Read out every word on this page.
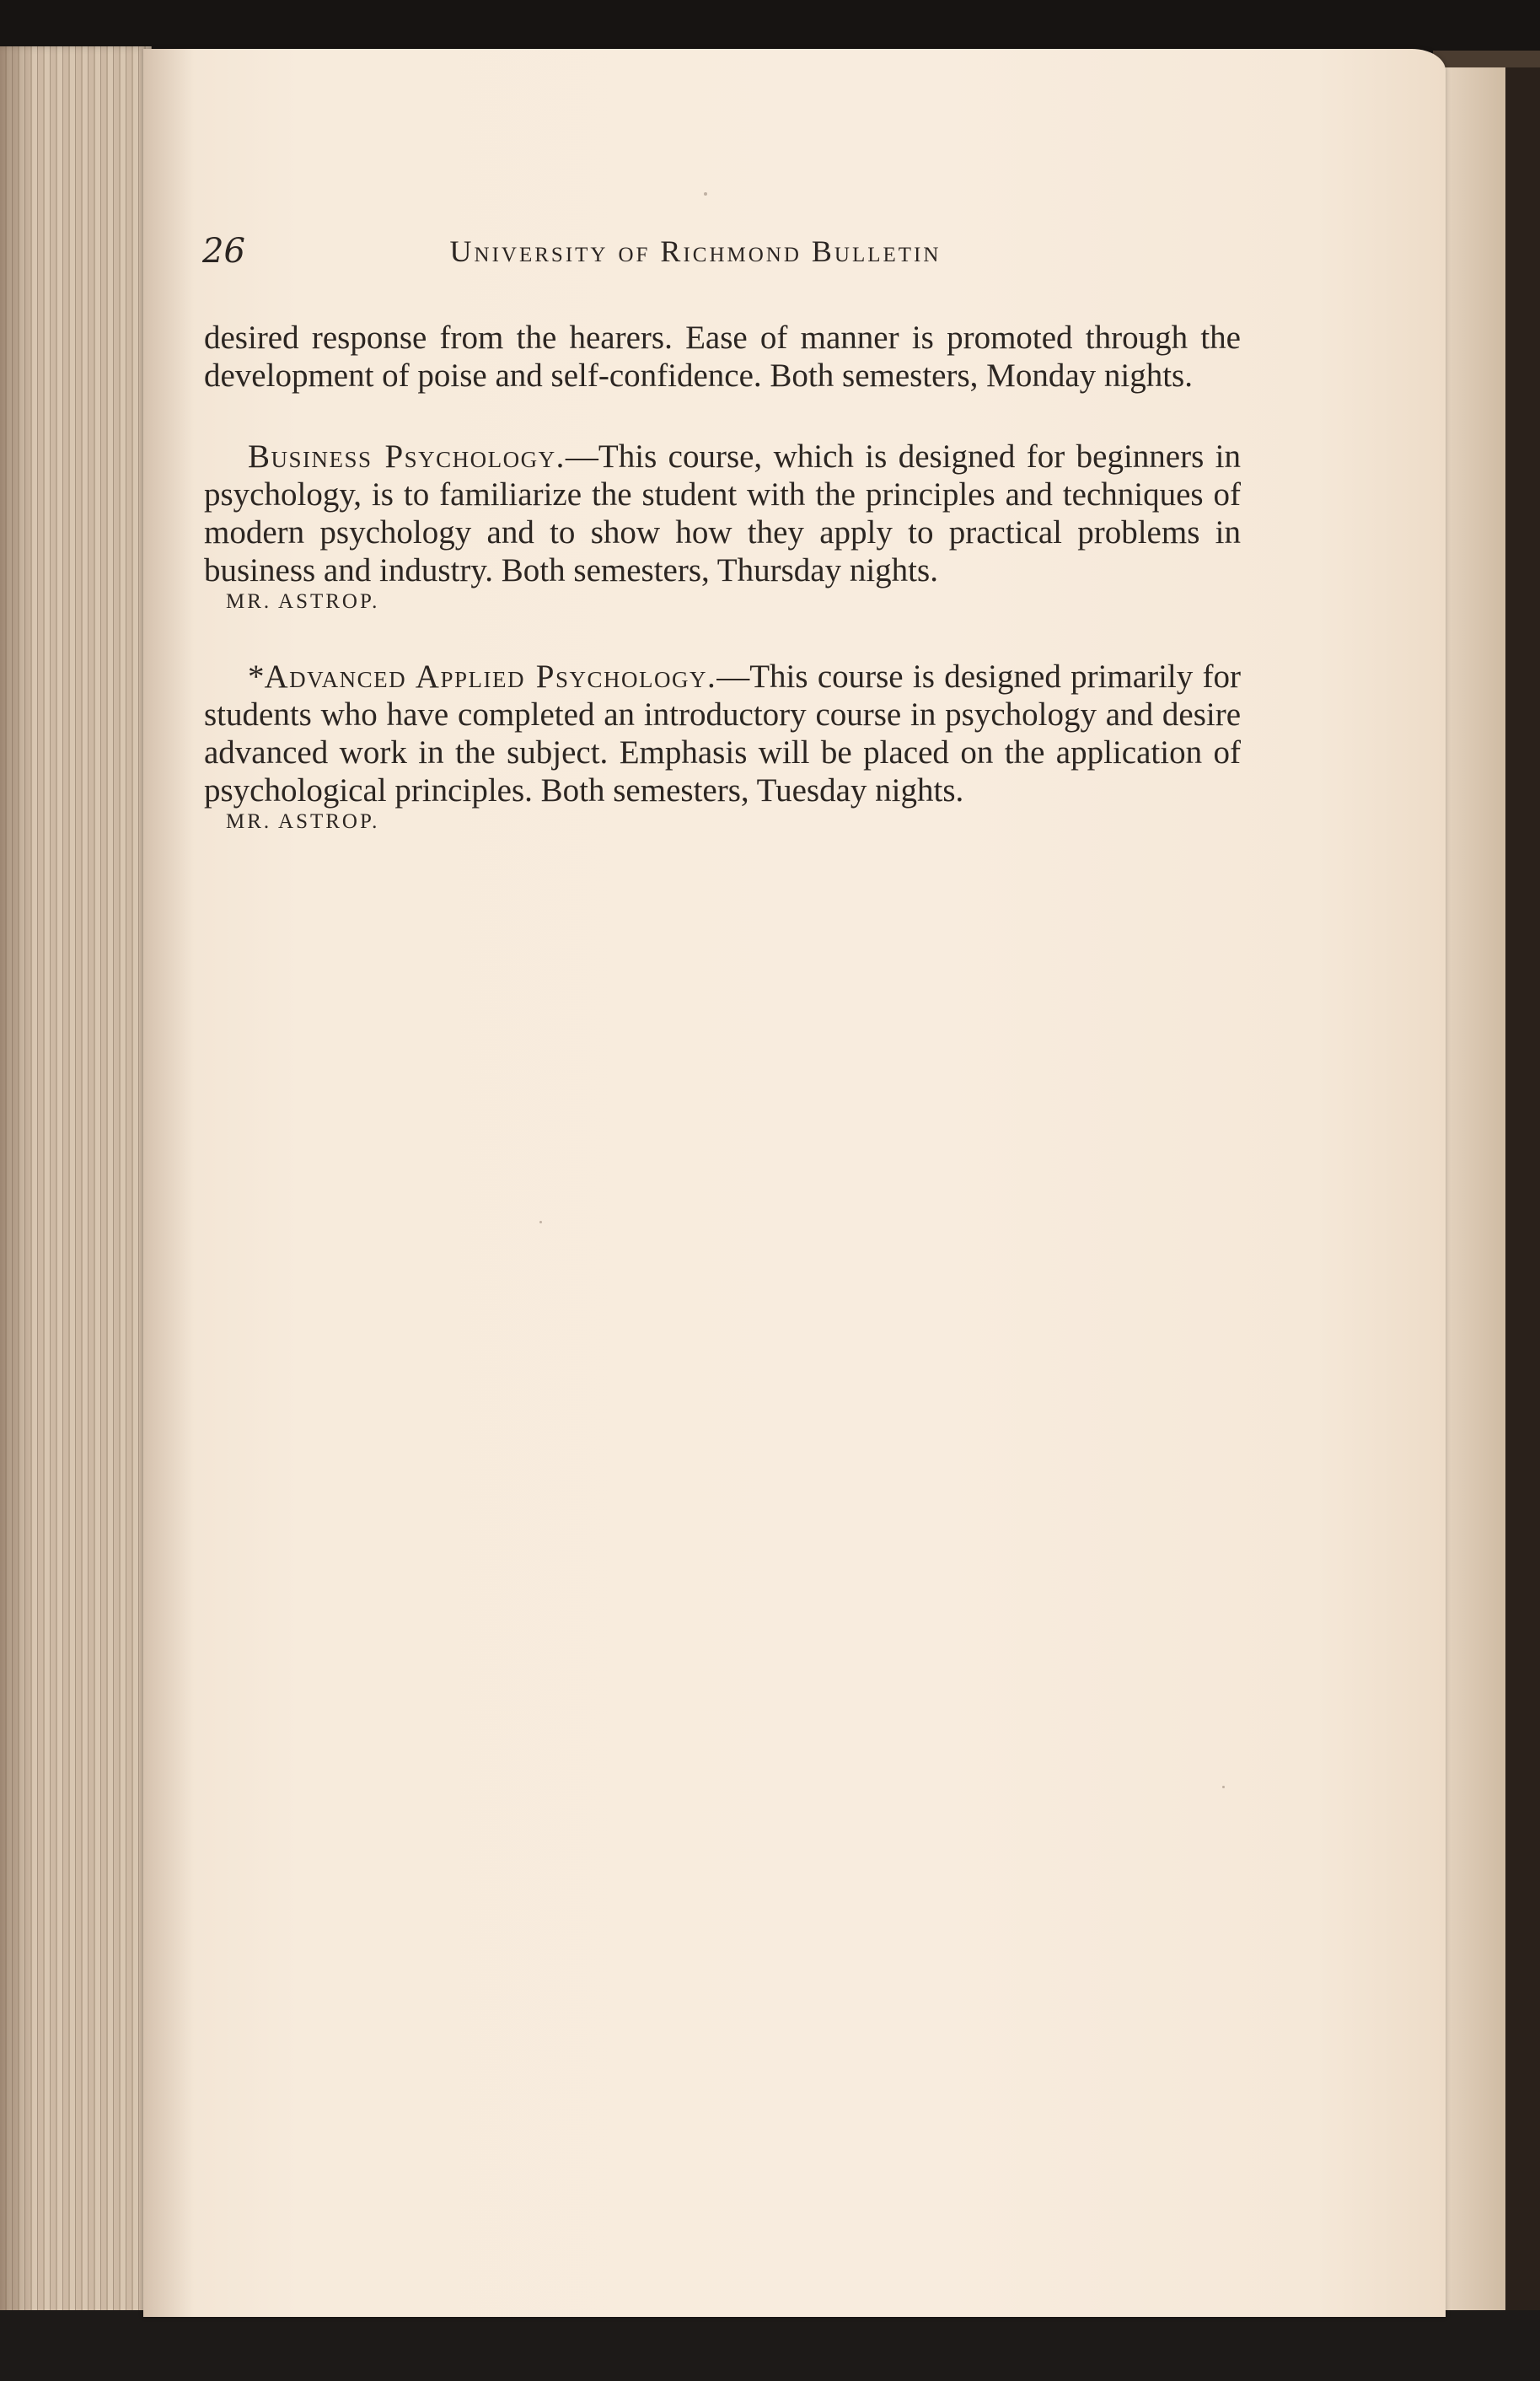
26	University of Richmond Bulletin

desired response from the hearers. Ease of manner is promoted through the development of poise and self-confidence. Both semesters, Monday nights.

Business Psychology.—This course, which is designed for beginners in psychology, is to familiarize the student with the principles and techniques of modern psychology and to show how they apply to practical problems in business and industry. Both semesters, Thursday nights.

MR. ASTROP.

*Advanced Applied Psychology.—This course is designed primarily for students who have completed an introductory course in psychology and desire advanced work in the subject. Emphasis will be placed on the application of psychological principles. Both semesters, Tuesday nights.

MR. ASTROP.
